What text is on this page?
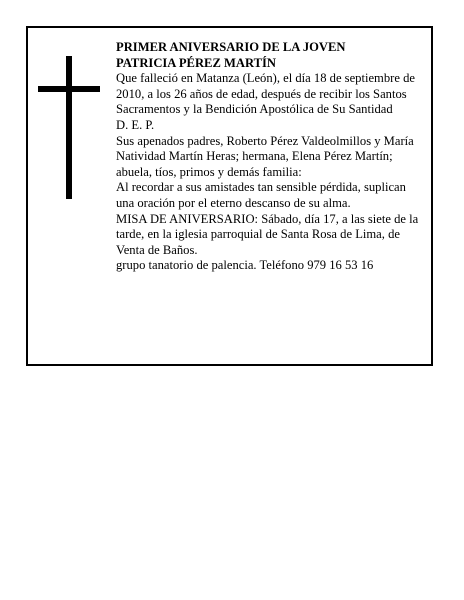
PRIMER ANIVERSARIO DE LA JOVEN

PATRICIA PÉREZ MARTÍN

Que falleció en Matanza (León), el día 18 de septiembre de 2010, a los 26 años de edad, después de recibir los Santos Sacramentos y la Bendición Apostólica de Su Santidad

D. E. P.

Sus apenados padres, Roberto Pérez Valdeolmillos y María Natividad Martín Heras; hermana, Elena Pérez Martín; abuela, tíos, primos y demás familia:

Al recordar a sus amistades tan sensible pérdida, suplican una oración por el eterno descanso de su alma.

MISA DE ANIVERSARIO: Sábado, día 17, a las siete de la tarde, en la iglesia parroquial de Santa Rosa de Lima, de Venta de Baños.

grupo tanatorio de palencia. Teléfono 979 16 53 16
